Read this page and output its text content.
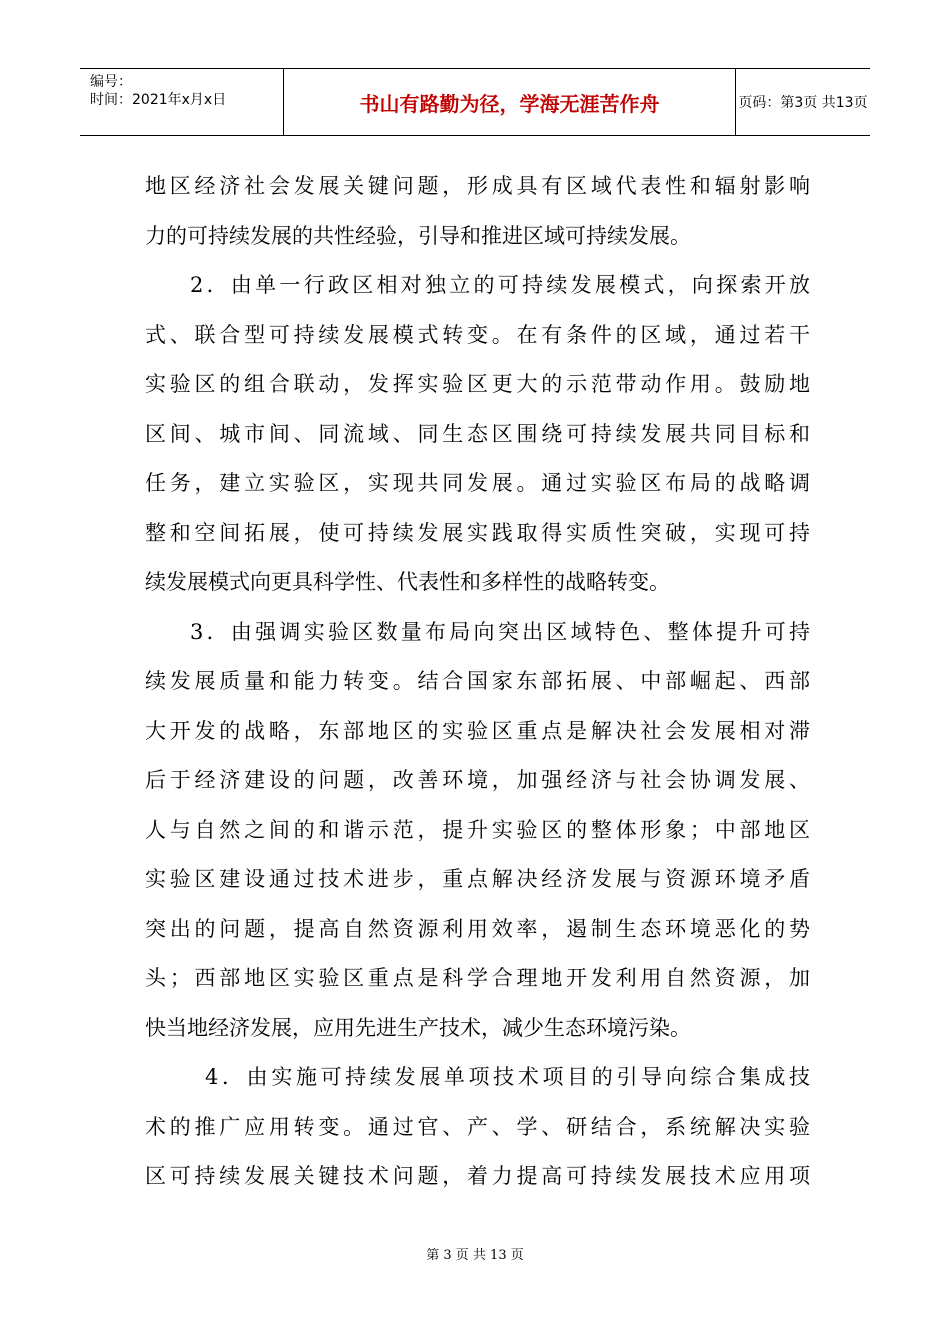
编号：
时间：2021年x月x日	书山有路勤为径，学海无涯苦作舟	页码：第3页 共13页
地区经济社会发展关键问题，形成具有区域代表性和辐射影响
力的可持续发展的共性经验，引导和推进区域可持续发展。
2．由单一行政区相对独立的可持续发展模式，向探索开放
式、联合型可持续发展模式转变。在有条件的区域，通过若干
实验区的组合联动，发挥实验区更大的示范带动作用。鼓励地
区间、城市间、同流域、同生态区围绕可持续发展共同目标和
任务，建立实验区，实现共同发展。通过实验区布局的战略调
整和空间拓展，使可持续发展实践取得实质性突破，实现可持
续发展模式向更具科学性、代表性和多样性的战略转变。
3．由强调实验区数量布局向突出区域特色、整体提升可持
续发展质量和能力转变。结合国家东部拓展、中部崛起、西部
大开发的战略，东部地区的实验区重点是解决社会发展相对滞
后于经济建设的问题，改善环境，加强经济与社会协调发展、
人与自然之间的和谐示范，提升实验区的整体形象；中部地区
实验区建设通过技术进步，重点解决经济发展与资源环境矛盾
突出的问题，提高自然资源利用效率，遏制生态环境恶化的势
头；西部地区实验区重点是科学合理地开发利用自然资源，加
快当地经济发展，应用先进生产技术，减少生态环境污染。
4．由实施可持续发展单项技术项目的引导向综合集成技
术的推广应用转变。通过官、产、学、研结合，系统解决实验
区可持续发展关键技术问题，着力提高可持续发展技术应用项
第 3 页 共 13 页
